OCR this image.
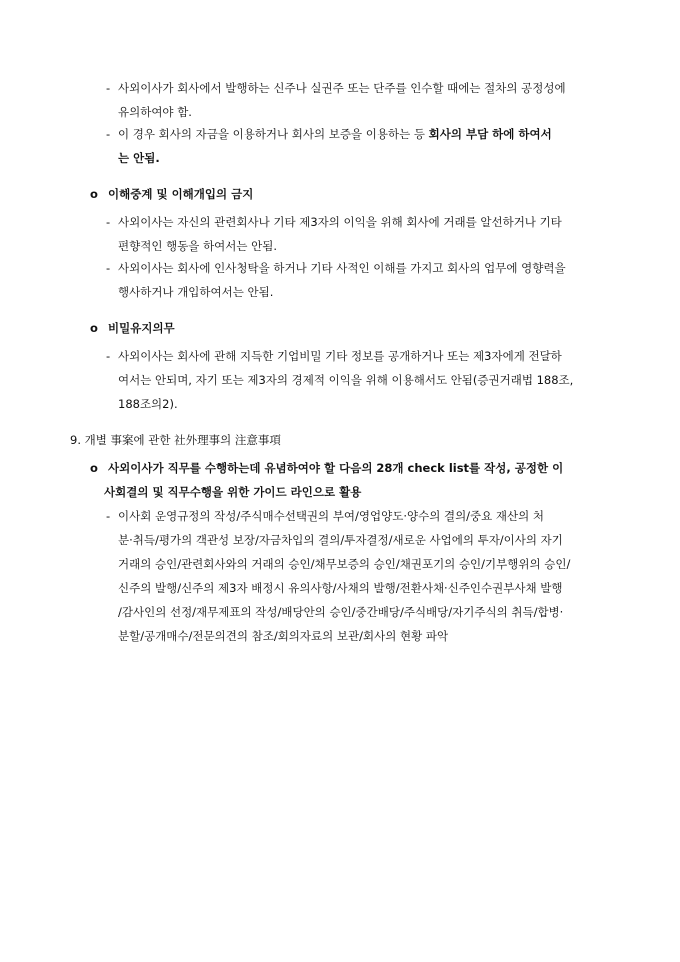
- 사외이사가 회사에서 발행하는 신주나 실권주 또는 단주를 인수할 때에는 절차의 공정성에
유의하여야 함.
- 이 경우 회사의 자금을 이용하거나 회사의 보증을 이용하는 등 회사의 부담 하에 하여서
는 안됨.
o 이해중계 및 이해개입의 금지
- 사외이사는 자신의 관련회사나 기타 제3자의 이익을 위해 회사에 거래를 알선하거나 기타
편향적인 행동을 하여서는 안됨.
- 사외이사는 회사에 인사청탁을 하거나 기타 사적인 이해를 가지고 회사의 업무에 영향력을
행사하거나 개입하여서는 안됨.
o 비밀유지의무
- 사외이사는 회사에 관해 지득한 기업비밀 기타 정보를 공개하거나 또는 제3자에게 전달하
여서는 안되며, 자기 또는 제3자의 경제적 이익을 위해 이용해서도 안됨(증권거래법 188조,
188조의2).
9. 개별 事案에 관한 社外理事의 注意事項
o 사외이사가 직무를 수행하는데 유념하여야 할 다음의 28개 check list를 작성, 공정한 이
사회결의 및 직무수행을 위한 가이드 라인으로 활용
- 이사회 운영규정의 작성/주식매수선택권의 부여/영업양도·양수의 결의/중요 재산의 처
분·취득/평가의 객관성 보장/자금차입의 결의/투자결정/새로운 사업에의 투자/이사의 자기
거래의 승인/관련회사와의 거래의 승인/채무보증의 승인/채권포기의 승인/기부행위의 승인/
신주의 발행/신주의 제3자 배정시 유의사항/사채의 발행/전환사채·신주인수권부사채 발행
/감사인의 선정/재무제표의 작성/배당안의 승인/중간배당/주식배당/자기주식의 취득/합병·
분할/공개매수/전문의견의 참조/회의자료의 보관/회사의 현황 파악
